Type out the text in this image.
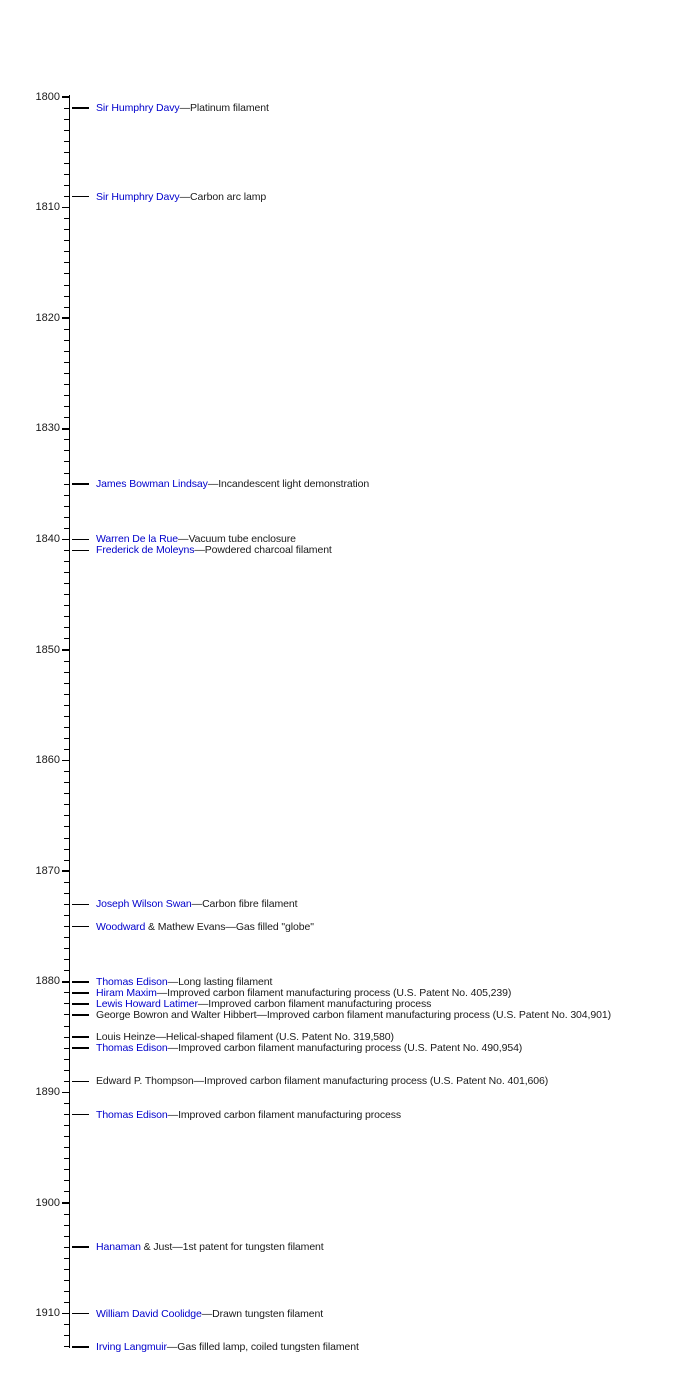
1800
1810
1820
1830
1840
1850
1860
1870
1880
1890
1900
1910
Sir Humphry Davy—Platinum filament
Sir Humphry Davy—Carbon arc lamp
James Bowman Lindsay—Incandescent light demonstration
Warren De la Rue—Vacuum tube enclosure
Frederick de Moleyns—Powdered charcoal filament
Joseph Wilson Swan—Carbon fibre filament
Woodward & Mathew Evans—Gas filled "globe"
Thomas Edison—Long lasting filament
Hiram Maxim—Improved carbon filament manufacturing process (U.S. Patent No. 405,239)
Lewis Howard Latimer—Improved carbon filament manufacturing process
George Bowron and Walter Hibbert—Improved carbon filament manufacturing process (U.S. Patent No. 304,901)
Louis Heinze—Helical-shaped filament (U.S. Patent No. 319,580)
Thomas Edison—Improved carbon filament manufacturing process (U.S. Patent No. 490,954)
Edward P. Thompson—Improved carbon filament manufacturing process (U.S. Patent No. 401,606)
Thomas Edison—Improved carbon filament manufacturing process
Hanaman & Just—1st patent for tungsten filament
William David Coolidge—Drawn tungsten filament
Irving Langmuir—Gas filled lamp, coiled tungsten filament
